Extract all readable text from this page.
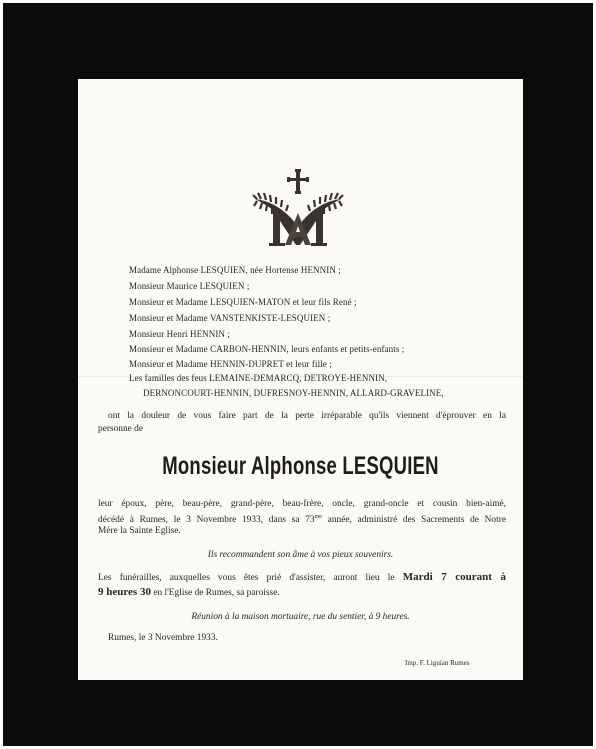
Madame Alphonse LESQUIEN, née Hortense HENNIN ;
Monsieur Maurice LESQUIEN ;
Monsieur et Madame LESQUIEN-MATON et leur fils René ;
Monsieur et Madame VANSTENKISTE-LESQUIEN ;
Monsieur Henri HENNIN ;
Monsieur et Madame CARBON-HENNIN, leurs enfants et petits-enfants ;
Monsieur et Madame HENNIN-DUPRET et leur fille ;
Les familles des feus LEMAINE-DEMARCQ, DETROYE-HENNIN,
DERNONCOURT-HENNIN, DUFRESNOY-HENNIN, ALLARD-GRAVELINE,
ont la douleur de vous faire part de la perte irréparable qu'ils viennent d'éprouver en la
personne de
Monsieur Alphonse LESQUIEN
leur époux, père, beau-père, grand-père, beau-frère, oncle, grand-oncle et cousin bien-aimé,
décédé à Rumes, le 3 Novembre 1933, dans sa $73^{me}$ année, administré des Sacrements de Notre
Mère la Sainte Eglise.
Ils recommandent son âme à vos pieux souvenirs.
Les funérailles, auxquelles vous êtes prié d'assister, auront lieu le Mardi 7 courant à
9 heures 30 en l'Eglise de Rumes, sa paroisse.
Réunion à la maison mortuaire, rue du sentier, à 9 heures.
Rumes, le 3 Novembre 1933.
Imp. F. Liguian Rumes
